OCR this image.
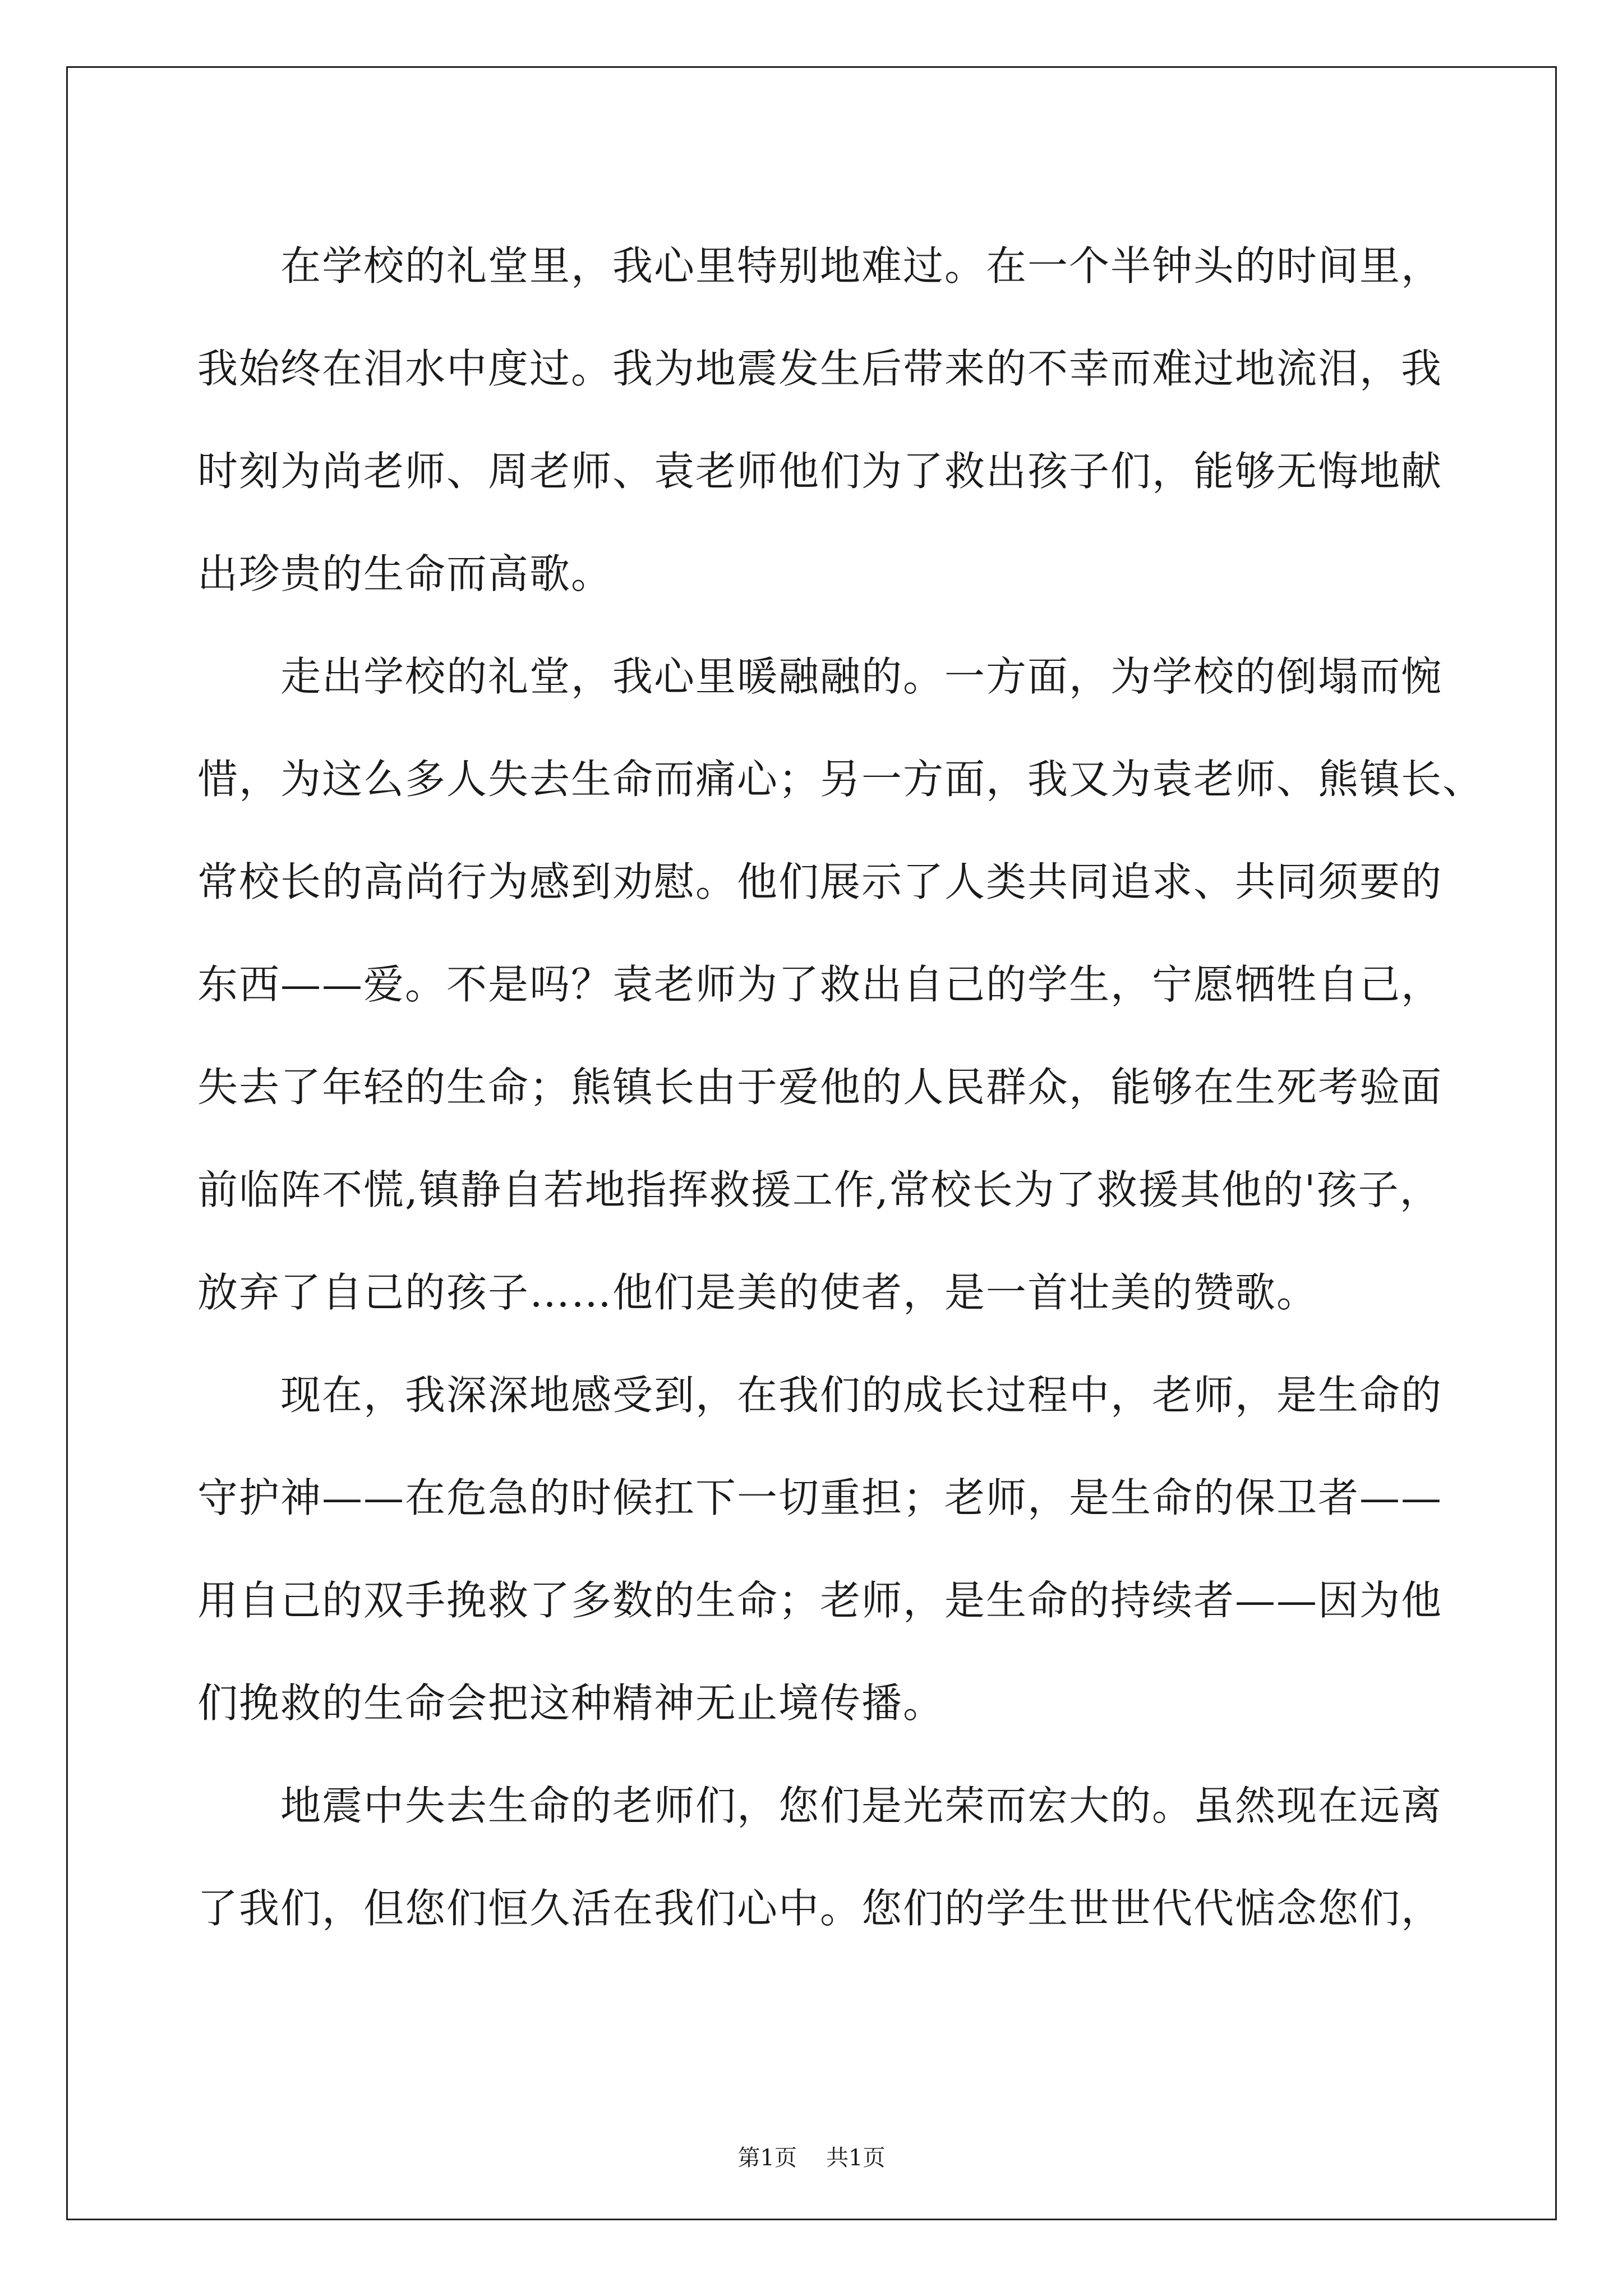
在学校的礼堂里，我心里特别地难过。在一个半钟头的时间里，
我始终在泪水中度过。我为地震发生后带来的不幸而难过地流泪，我
时刻为尚老师、周老师、袁老师他们为了救出孩子们，能够无悔地献
出珍贵的生命而高歌。
走出学校的礼堂，我心里暖融融的。一方面，为学校的倒塌而惋
惜，为这么多人失去生命而痛心；另一方面，我又为袁老师、熊镇长、
常校长的高尚行为感到劝慰。他们展示了人类共同追求、共同须要的
东西——爱。不是吗？袁老师为了救出自己的学生，宁愿牺牲自己，
失去了年轻的生命；熊镇长由于爱他的人民群众，能够在生死考验面
前临阵不慌,镇静自若地指挥救援工作,常校长为了救援其他的'孩子，
放弃了自己的孩子……他们是美的使者，是一首壮美的赞歌。
现在，我深深地感受到，在我们的成长过程中，老师，是生命的
守护神——在危急的时候扛下一切重担；老师，是生命的保卫者——
用自己的双手挽救了多数的生命；老师，是生命的持续者——因为他
们挽救的生命会把这种精神无止境传播。
地震中失去生命的老师们，您们是光荣而宏大的。虽然现在远离
了我们，但您们恒久活在我们心中。您们的学生世世代代惦念您们，
第1页 共1页
